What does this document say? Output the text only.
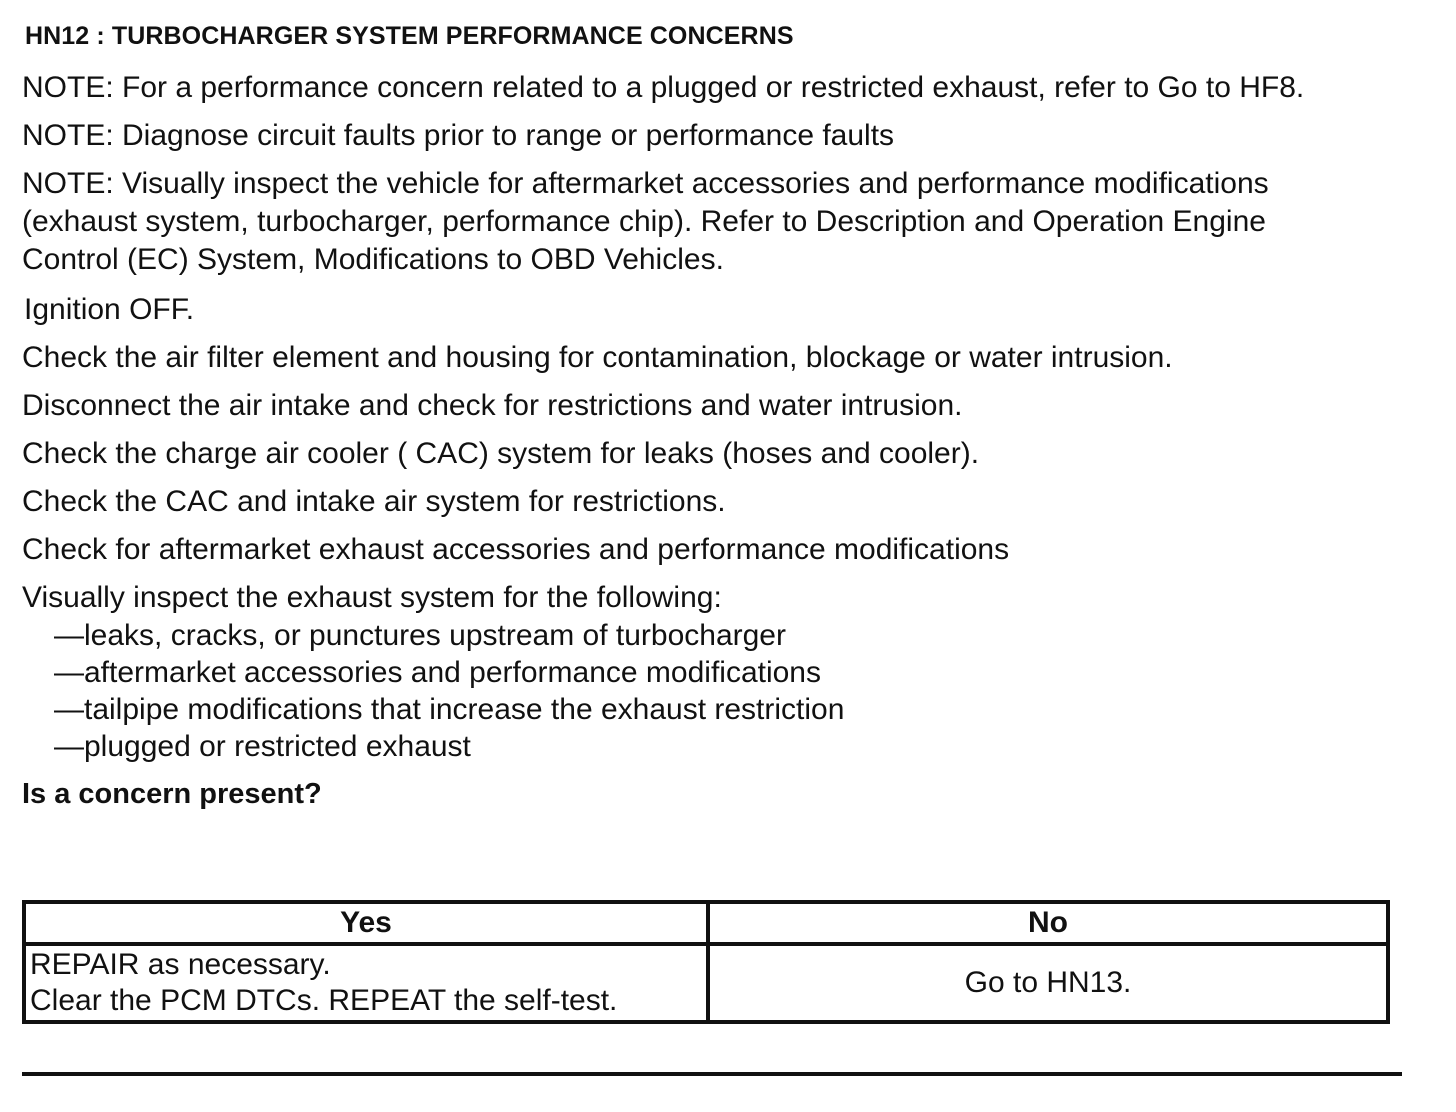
HN12 : TURBOCHARGER SYSTEM PERFORMANCE CONCERNS

NOTE: For a performance concern related to a plugged or restricted exhaust, refer to Go to HF8.

NOTE: Diagnose circuit faults prior to range or performance faults

NOTE: Visually inspect the vehicle for aftermarket accessories and performance modifications (exhaust system, turbocharger, performance chip). Refer to Description and Operation Engine Control (EC) System, Modifications to OBD Vehicles.

Ignition OFF.

Check the air filter element and housing for contamination, blockage or water intrusion.

Disconnect the air intake and check for restrictions and water intrusion.

Check the charge air cooler ( CAC) system for leaks (hoses and cooler).

Check the CAC and intake air system for restrictions.

Check for aftermarket exhaust accessories and performance modifications

Visually inspect the exhaust system for the following:

—leaks, cracks, or punctures upstream of turbocharger
—aftermarket accessories and performance modifications
—tailpipe modifications that increase the exhaust restriction
—plugged or restricted exhaust
Is a concern present?
Yes	No

REPAIR as necessary.
Clear the PCM DTCs. REPEAT the self-test.	Go to HN13.
